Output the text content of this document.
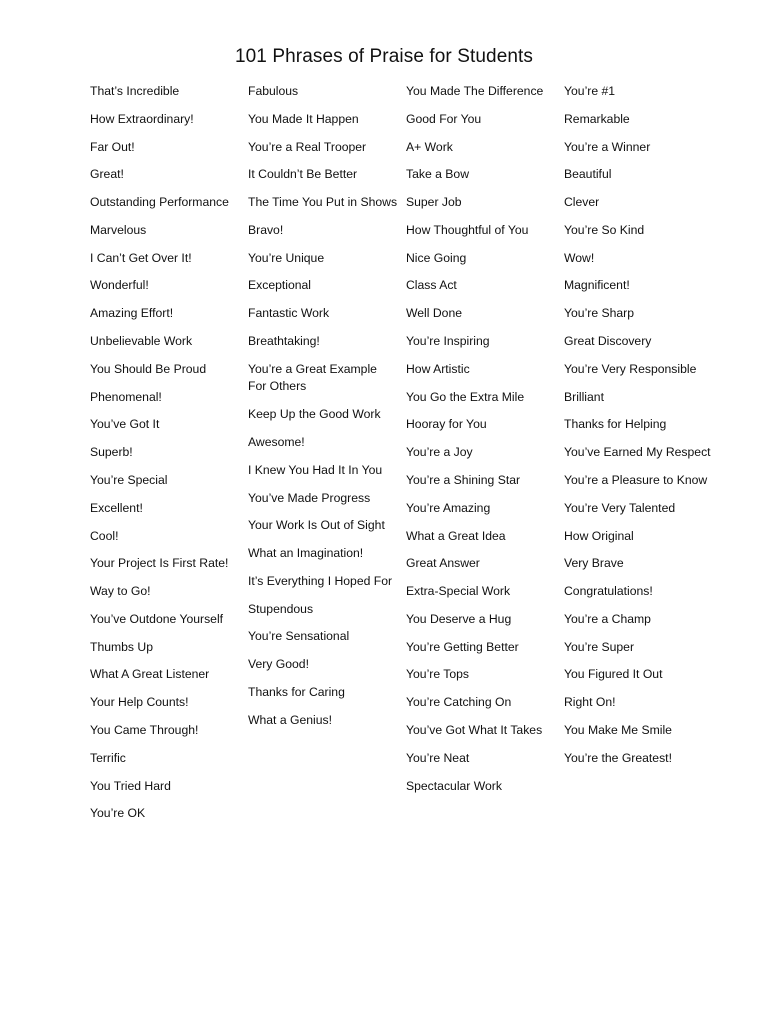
101 Phrases of Praise for Students
That’s Incredible
How Extraordinary!
Far Out!
Great!
Outstanding Performance
Marvelous
I Can’t Get Over It!
Wonderful!
Amazing Effort!
Unbelievable Work
You Should Be Proud
Phenomenal!
You’ve Got It
Superb!
You’re Special
Excellent!
Cool!
Your Project Is First Rate!
Way to Go!
You’ve Outdone Yourself
Thumbs Up
What A Great Listener
Your Help Counts!
You Came Through!
Terrific
You Tried Hard
You’re OK
Fabulous
You Made It Happen
You’re a Real Trooper
It Couldn’t Be Better
The Time You Put in Shows
Bravo!
You’re Unique
Exceptional
Fantastic Work
Breathtaking!
You’re a Great Example For Others
Keep Up the Good Work
Awesome!
I Knew You Had It In You
You’ve Made Progress
Your Work Is Out of Sight
What an Imagination!
It’s Everything I Hoped For
Stupendous
You’re Sensational
Very Good!
Thanks for Caring
What a Genius!
You Made The Difference
Good For You
A+ Work
Take a Bow
Super Job
How Thoughtful of You
Nice Going
Class Act
Well Done
You’re Inspiring
How Artistic
You Go the Extra Mile
Hooray for You
You’re a Joy
You’re a Shining Star
You’re Amazing
What a Great Idea
Great Answer
Extra-Special Work
You Deserve a Hug
You’re Getting Better
You’re Tops
You’re Catching On
You’ve Got What It Takes
You’re Neat
Spectacular Work
You’re #1
Remarkable
You’re a Winner
Beautiful
Clever
You’re So Kind
Wow!
Magnificent!
You’re Sharp
Great Discovery
You’re Very Responsible
Brilliant
Thanks for Helping
You’ve Earned My Respect
You’re a Pleasure to Know
You’re Very Talented
How Original
Very Brave
Congratulations!
You’re a Champ
You’re Super
You Figured It Out
Right On!
You Make Me Smile
You’re the Greatest!
